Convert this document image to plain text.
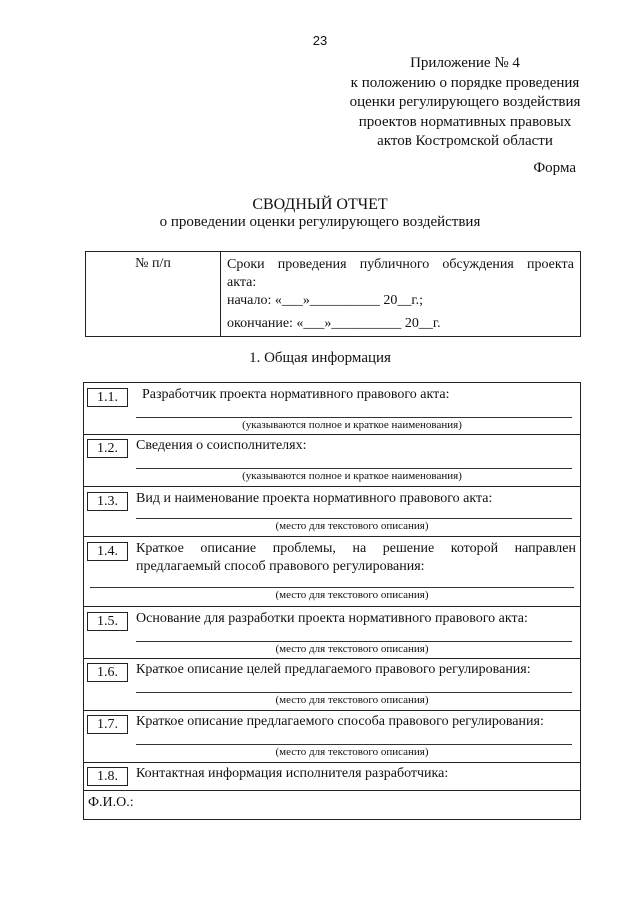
23
Приложение № 4
к положению о порядке проведения
оценки регулирующего воздействия
проектов нормативных правовых
актов Костромской области
Форма
СВОДНЫЙ ОТЧЕТ
о проведении оценки регулирующего воздействия
№ п/п	Сроки проведения публичного обсуждения проекта
акта:
начало: «___»__________ 20__г.;
окончание: «___»__________ 20__г.
1. Общая информация
1.1.	Разработчик проекта нормативного правового акта:
(указываются полное и краткое наименования)
1.2.	Сведения о соисполнителях:
(указываются полное и краткое наименования)
1.3.	Вид и наименование проекта нормативного правового акта:
(место для текстового описания)
1.4.	Краткое описание проблемы, на решение которой направлен
предлагаемый способ правового регулирования:
(место для текстового описания)
1.5.	Основание для разработки проекта нормативного правового акта:
(место для текстового описания)
1.6.	Краткое описание целей предлагаемого правового регулирования:
(место для текстового описания)
1.7.	Краткое описание предлагаемого способа правового регулирования:
(место для текстового описания)
1.8.	Контактная информация исполнителя разработчика:
Ф.И.О.:
